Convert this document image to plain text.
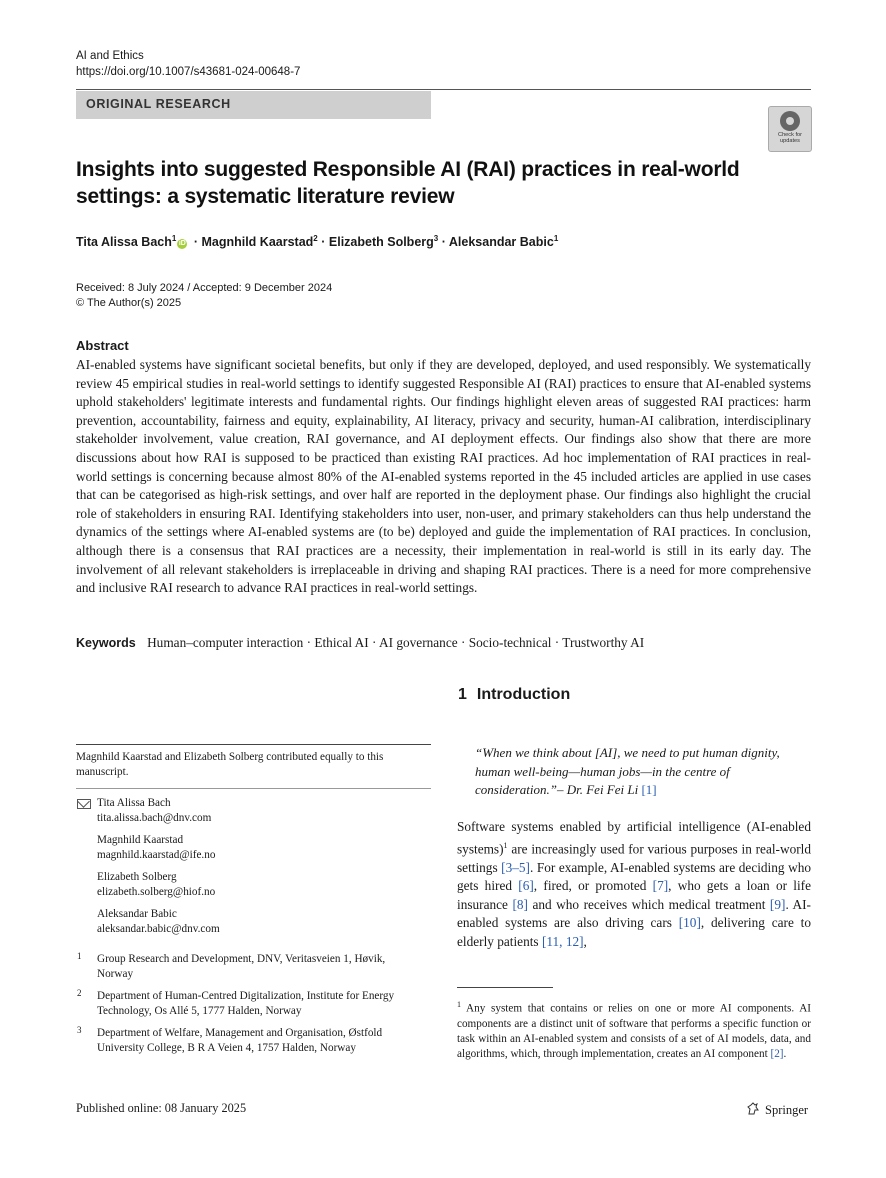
AI and Ethics
https://doi.org/10.1007/s43681-024-00648-7
ORIGINAL RESEARCH
Check for
updates
Insights into suggested Responsible AI (RAI) practices in real-world
settings: a systematic literature review
Tita Alissa Bach$^1$iD · Magnhild Kaarstad$^2$ · Elizabeth Solberg$^3$ · Aleksandar Babic$^1$
Received: 8 July 2024 / Accepted: 9 December 2024
© The Author(s) 2025
Abstract
AI-enabled systems have significant societal benefits, but only if they are developed, deployed, and used responsibly. We systematically review 45 empirical studies in real-world settings to identify suggested Responsible AI (RAI) practices to ensure that AI-enabled systems uphold stakeholders' legitimate interests and fundamental rights. Our findings highlight eleven areas of suggested RAI practices: harm prevention, accountability, fairness and equity, explainability, AI literacy, privacy and security, human-AI calibration, interdisciplinary stakeholder involvement, value creation, RAI governance, and AI deployment effects. Our findings also show that there are more discussions about how RAI is supposed to be practiced than existing RAI practices. Ad hoc implementation of RAI practices in real-world settings is concerning because almost 80% of the AI-enabled systems reported in the 45 included articles are applied in use cases that can be categorised as high-risk settings, and over half are reported in the deployment phase. Our findings also highlight the crucial role of stakeholders in ensuring RAI. Identifying stakeholders into user, non-user, and primary stakeholders can thus help understand the dynamics of the settings where AI-enabled systems are (to be) deployed and guide the implementation of RAI practices. In conclusion, although there is a consensus that RAI practices are a necessity, their implementation in real-world is still in its early day. The involvement of all relevant stakeholders is irreplaceable in driving and shaping RAI practices. There is a need for more comprehensive and inclusive RAI research to advance RAI practices in real-world settings.
Keywords Human–computer interaction · Ethical AI · AI governance · Socio-technical · Trustworthy AI
Magnhild Kaarstad and Elizabeth Solberg contributed equally to this manuscript.
Tita Alissa Bach
tita.alissa.bach@dnv.com
Magnhild Kaarstad
magnhild.kaarstad@ife.no
Elizabeth Solberg
elizabeth.solberg@hiof.no
Aleksandar Babic
aleksandar.babic@dnv.com
1 Group Research and Development, DNV, Veritasveien 1, Høvik, Norway
2 Department of Human-Centred Digitalization, Institute for Energy Technology, Os Allé 5, 1777 Halden, Norway
3 Department of Welfare, Management and Organisation, Østfold University College, B R A Veien 4, 1757 Halden, Norway
1 Introduction
“When we think about [AI], we need to put human dignity, human well-being—human jobs—in the centre of consideration.”– Dr. Fei Fei Li [1]
Software systems enabled by artificial intelligence (AI-enabled systems)$^1$ are increasingly used for various purposes in real-world settings [3–5]. For example, AI-enabled systems are deciding who gets hired [6], fired, or promoted [7], who gets a loan or life insurance [8] and who receives which medical treatment [9]. AI-enabled systems are also driving cars [10], delivering care to elderly patients [11, 12],
$^1$ Any system that contains or relies on one or more AI components. AI components are a distinct unit of software that performs a specific function or task within an AI-enabled system and consists of a set of AI models, data, and algorithms, which, through implementation, creates an AI component [2].
Published online: 08 January 2025	Springer
